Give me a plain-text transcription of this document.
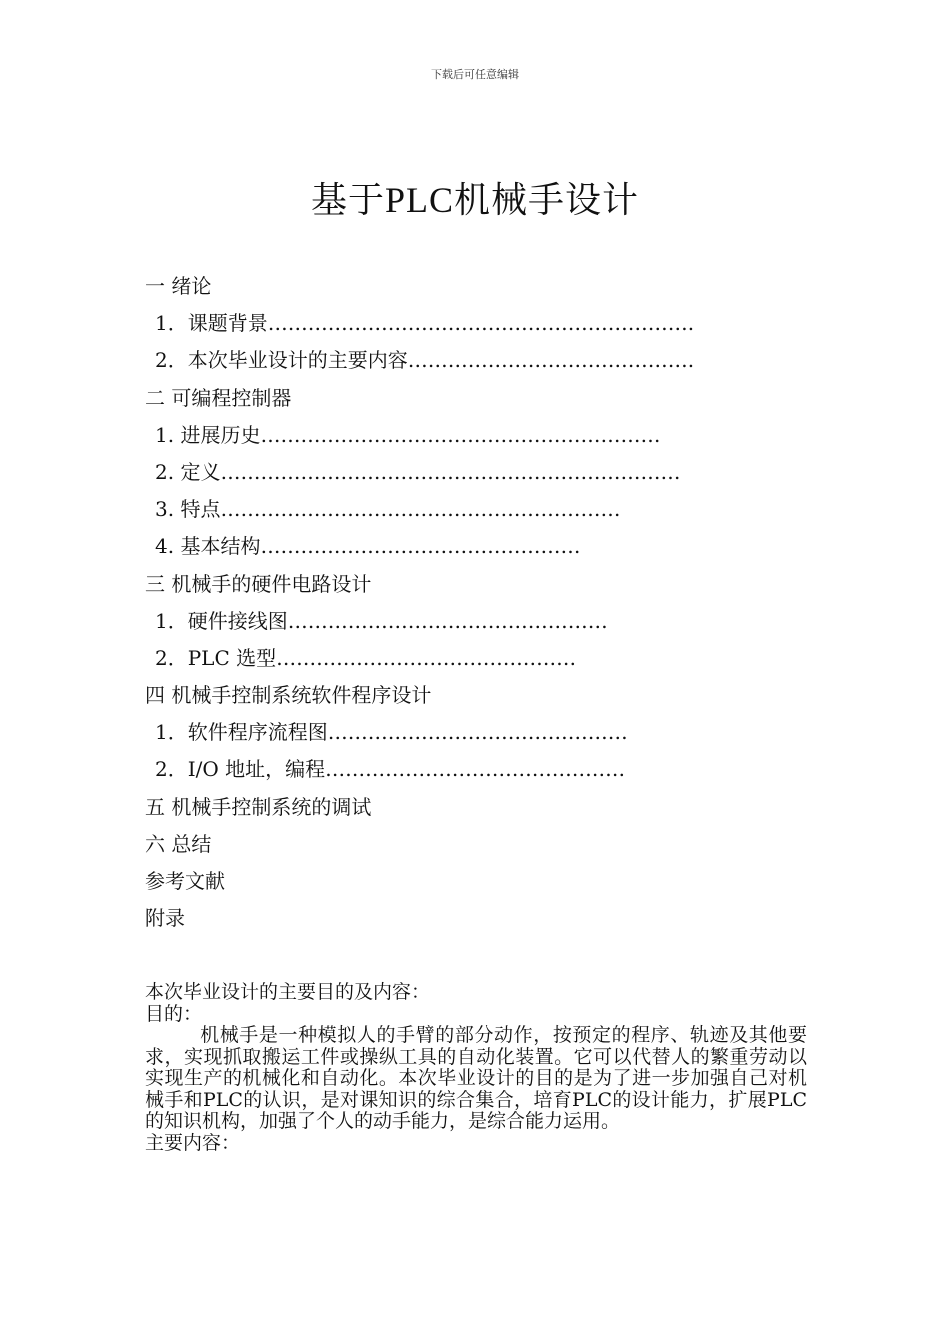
下载后可任意编辑
基于PLC机械手设计
一 绪论
1．课题背景……………………………………………………….
2．本次毕业设计的主要内容…………………………………….
二 可编程控制器
1. 进展历史……………………………………………………
2. 定义……………………………………………………………
3. 特点……………………………………………………
4. 基本结构…………………………………………
三 机械手的硬件电路设计
1．硬件接线图…………………………………………
2．PLC 选型………………………………………
四 机械手控制系统软件程序设计
1．软件程序流程图………………………………………
2．I/O 地址，编程………………………………………
五 机械手控制系统的调试
六 总结
参考文献
附录

本次毕业设计的主要目的及内容：

目的：

机械手是一种模拟人的手臂的部分动作，按预定的程序、轨迹及其他要求，实现抓取搬运工件或操纵工具的自动化装置。它可以代替人的繁重劳动以实现生产的机械化和自动化。本次毕业设计的目的是为了进一步加强自己对机械手和PLC的认识，是对课知识的综合集合，培育PLC的设计能力，扩展PLC的知识机构，加强了个人的动手能力，是综合能力运用。

主要内容：
